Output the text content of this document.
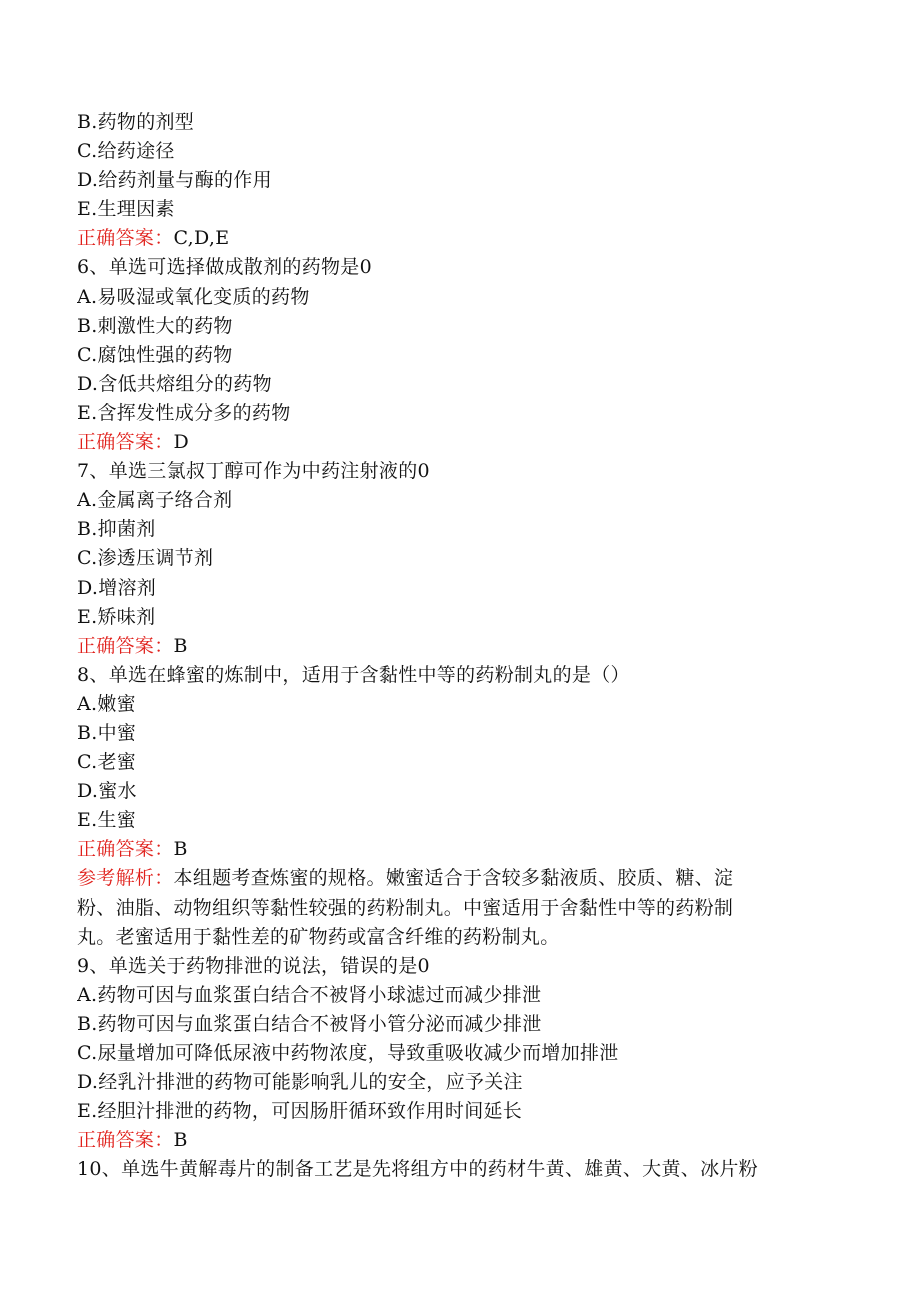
B.药物的剂型
C.给药途径
D.给药剂量与酶的作用
E.生理因素
正确答案：C,D,E
6、单选可选择做成散剂的药物是0
A.易吸湿或氧化变质的药物
B.刺激性大的药物
C.腐蚀性强的药物
D.含低共熔组分的药物
E.含挥发性成分多的药物
正确答案：D
7、单选三氯叔丁醇可作为中药注射液的0
A.金属离子络合剂
B.抑菌剂
C.渗透压调节剂
D.增溶剂
E.矫味剂
正确答案：B
8、单选在蜂蜜的炼制中，适用于含黏性中等的药粉制丸的是（）
A.嫩蜜
B.中蜜
C.老蜜
D.蜜水
E.生蜜
正确答案：B
参考解析：本组题考查炼蜜的规格。嫩蜜适合于含较多黏液质、胶质、糖、淀
粉、油脂、动物组织等黏性较强的药粉制丸。中蜜适用于舍黏性中等的药粉制
丸。老蜜适用于黏性差的矿物药或富含纤维的药粉制丸。
9、单选关于药物排泄的说法，错误的是0
A.药物可因与血浆蛋白结合不被肾小球滤过而减少排泄
B.药物可因与血浆蛋白结合不被肾小管分泌而减少排泄
C.尿量增加可降低尿液中药物浓度，导致重吸收减少而增加排泄
D.经乳汁排泄的药物可能影响乳儿的安全，应予关注
E.经胆汁排泄的药物，可因肠肝循环致作用时间延长
正确答案：B
10、单选牛黄解毒片的制备工艺是先将组方中的药材牛黄、雄黄、大黄、冰片粉
